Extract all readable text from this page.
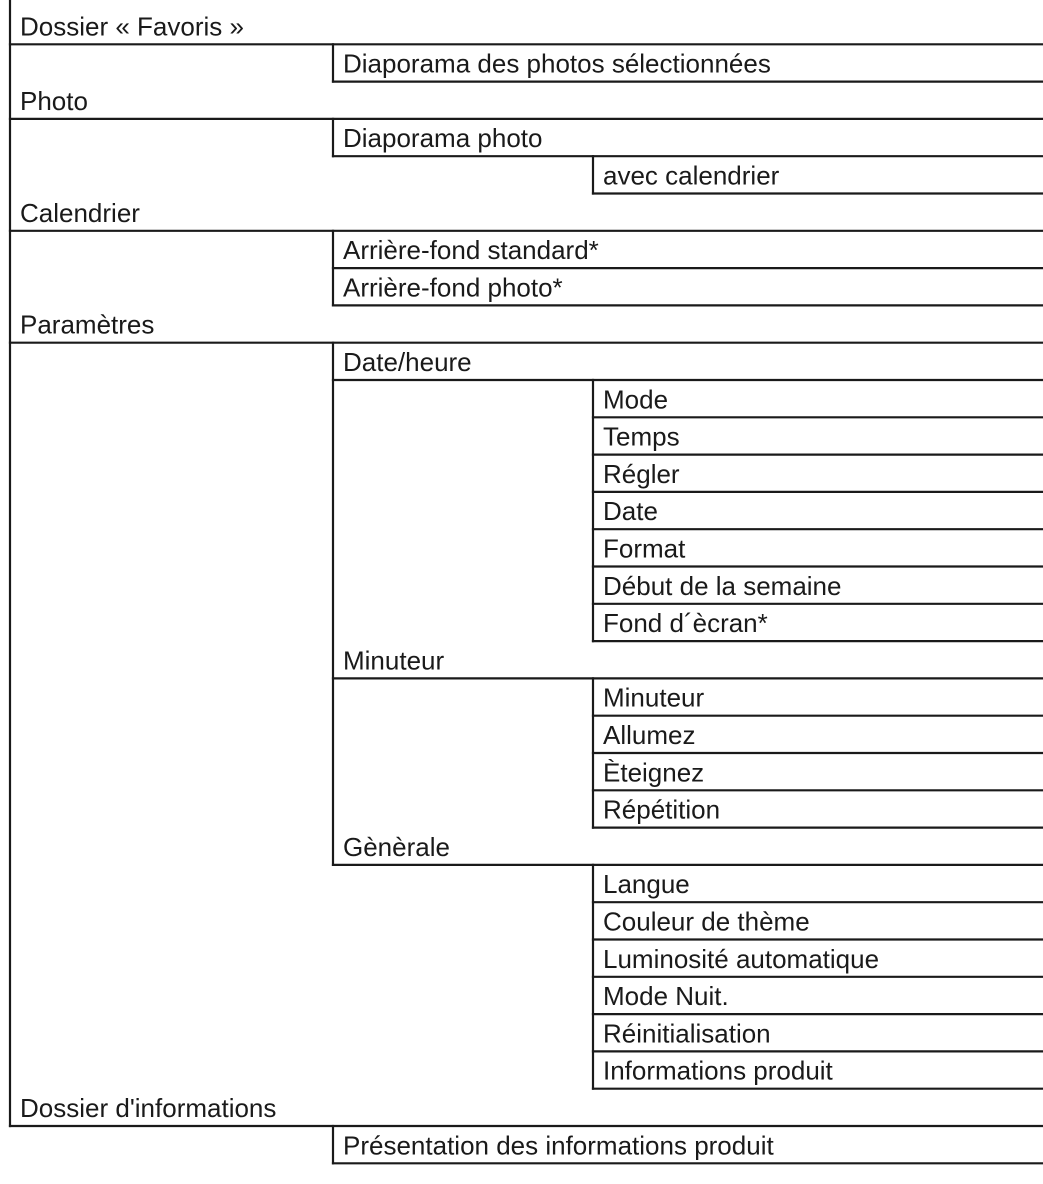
Dossier « Favoris »
Diaporama des photos sélectionnées
Photo
Diaporama photo
avec calendrier
Calendrier
Arrière-fond standard*
Arrière-fond photo*
Paramètres
Date/heure
Mode
Temps
Régler
Date
Format
Début de la semaine
Fond d´ècran*
Minuteur
Minuteur
Allumez
Èteignez
Répétition
Gènèrale
Langue
Couleur de thème
Luminosité automatique
Mode Nuit.
Réinitialisation
Informations produit
Dossier d'informations
Présentation des informations produit
